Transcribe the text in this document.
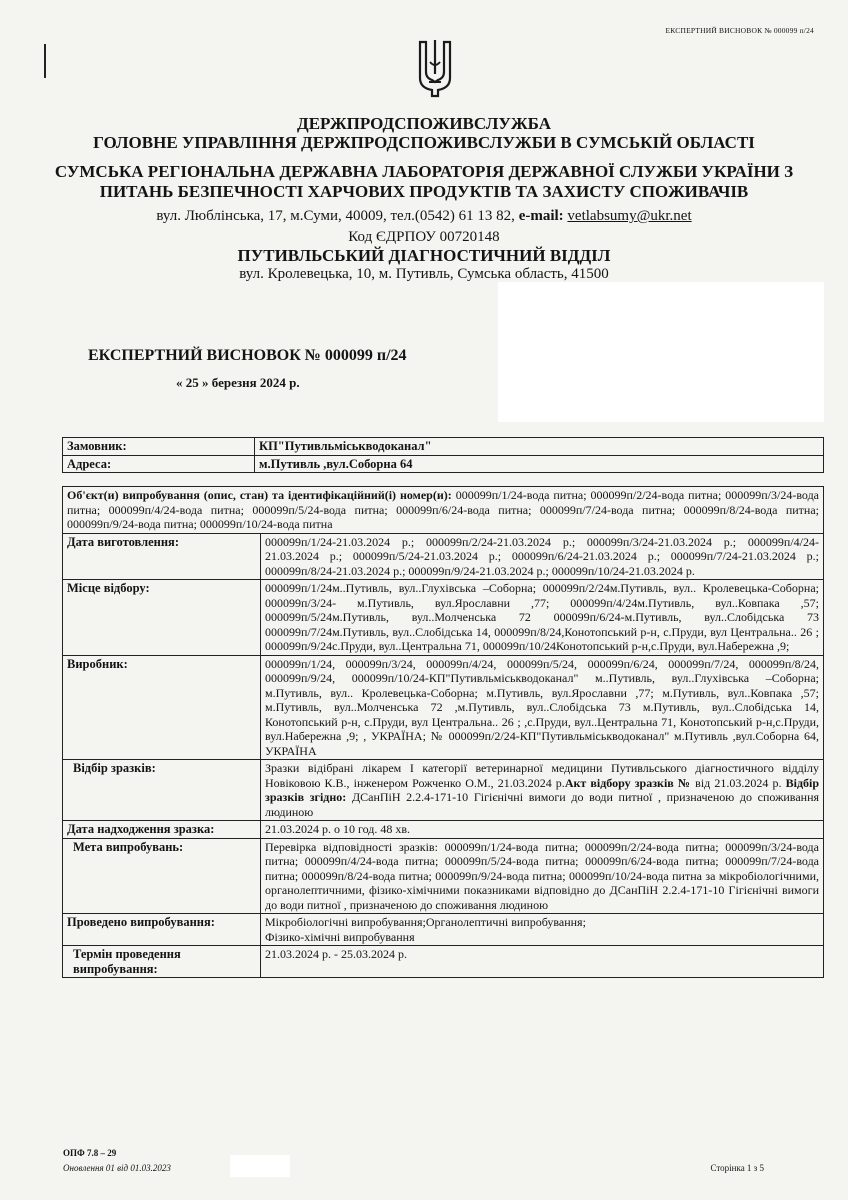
ЕКСПЕРТНИЙ ВИСНОВОК № 000099 п/24
ДЕРЖПРОДСПОЖИВСЛУЖБА
ГОЛОВНЕ УПРАВЛІННЯ ДЕРЖПРОДСПОЖИВСЛУЖБИ В СУМСЬКІЙ ОБЛАСТІ
СУМСЬКА РЕГІОНАЛЬНА ДЕРЖАВНА ЛАБОРАТОРІЯ ДЕРЖАВНОЇ СЛУЖБИ УКРАЇНИ З ПИТАНЬ БЕЗПЕЧНОСТІ ХАРЧОВИХ ПРОДУКТІВ ТА ЗАХИСТУ СПОЖИВАЧІВ
вул. Люблінська, 17, м.Суми, 40009, тел.(0542) 61 13 82, e-mail: vetlabsumy@ukr.net
Код ЄДРПОУ 00720148
ПУТИВЛЬСЬКИЙ ДІАГНОСТИЧНИЙ ВІДДІЛ
вул. Кролевецька, 10, м. Путивль, Сумська область, 41500
ЕКСПЕРТНИЙ ВИСНОВОК № 000099 п/24
« 25 » березня 2024 р.
Замовник:	КП"Путивльміськводоканал"
Адреса:	м.Путивль ,вул.Соборна 64
Об'єкт(и) випробування (опис, стан) та ідентифікаційний(і) номер(и): 000099п/1/24-вода питна; 000099п/2/24-вода питна; 000099п/3/24-вода питна; 000099п/4/24-вода питна; 000099п/5/24-вода питна; 000099п/6/24-вода питна; 000099п/7/24-вода питна; 000099п/8/24-вода питна; 000099п/9/24-вода питна; 000099п/10/24-вода питна	
Дата виготовлення:	000099п/1/24-21.03.2024 р.; 000099п/2/24-21.03.2024 р.; 000099п/3/24-21.03.2024 р.; 000099п/4/24-21.03.2024 р.; 000099п/5/24-21.03.2024 р.; 000099п/6/24-21.03.2024 р.; 000099п/7/24-21.03.2024 р.; 000099п/8/24-21.03.2024 р.; 000099п/9/24-21.03.2024 р.; 000099п/10/24-21.03.2024 р.
Місце відбору:	000099п/1/24м..Путивль, вул..Глухівська –Соборна; 000099п/2/24м.Путивль, вул.. Кролевецька-Соборна; 000099п/3/24- м.Путивль, вул.Ярославни ,77; 000099п/4/24м.Путивль, вул..Ковпака ,57; 000099п/5/24м.Путивль, вул..Молченська 72 000099п/6/24-м.Путивль, вул..Слобідська 73 000099п/7/24м.Путивль, вул..Слобідська 14, 000099п/8/24,Конотопський р-н, с.Пруди, вул Центральна.. 26 ; 000099п/9/24с.Пруди, вул..Центральна 71, 000099п/10/24Конотопський р-н,с.Пруди, вул.Набережна ,9;
Виробник:	000099п/1/24, 000099п/3/24, 000099п/4/24, 000099п/5/24, 000099п/6/24, 000099п/7/24, 000099п/8/24, 000099п/9/24, 000099п/10/24-КП"Путивльміськводоканал" м..Путивль, вул..Глухівська –Соборна; м.Путивль, вул.. Кролевецька-Соборна; м.Путивль, вул.Ярославни ,77; м.Путивль, вул..Ковпака ,57; м.Путивль, вул..Молченська 72 ,м.Путивль, вул..Слобідська 73 м.Путивль, вул..Слобідська 14, Конотопський р-н, с.Пруди, вул Центральна.. 26 ; ,с.Пруди, вул..Центральна 71, Конотопський р-н,с.Пруди, вул.Набережна ,9; , УКРАЇНА; № 000099п/2/24-КП"Путивльміськводоканал" м.Путивль ,вул.Соборна 64, УКРАЇНА
Відбір зразків:	Зразки відібрані лікарем І категорії ветеринарної медицини Путивльського діагностичного відділу Новіковою К.В., інженером Рожченко О.М., 21.03.2024 р.Акт відбору зразків № від 21.03.2024 р. Відбір зразків згідно: ДСанПіН 2.2.4-171-10 Гігієнічні вимоги до води питної , призначеною до споживання людиною
Дата надходження зразка:	21.03.2024 р. о 10 год. 48 хв.
Мета випробувань:	Перевірка відповідності зразків: 000099п/1/24-вода питна; 000099п/2/24-вода питна; 000099п/3/24-вода питна; 000099п/4/24-вода питна; 000099п/5/24-вода питна; 000099п/6/24-вода питна; 000099п/7/24-вода питна; 000099п/8/24-вода питна; 000099п/9/24-вода питна; 000099п/10/24-вода питна за мікробіологічними, органолептичними, фізико-хімічними показниками відповідно до ДСанПіН 2.2.4-171-10 Гігієнічні вимоги до води питної , призначеною до споживання людиною
Проведено випробування:	Мікробіологічні випробування;Органолептичні випробування;
Фізико-хімічні випробування

Термін проведення випробування:	21.03.2024 р. - 25.03.2024 р.
ОПФ 7.8 – 29
Оновлення 01 від 01.03.2023	Сторінка 1 з 5
